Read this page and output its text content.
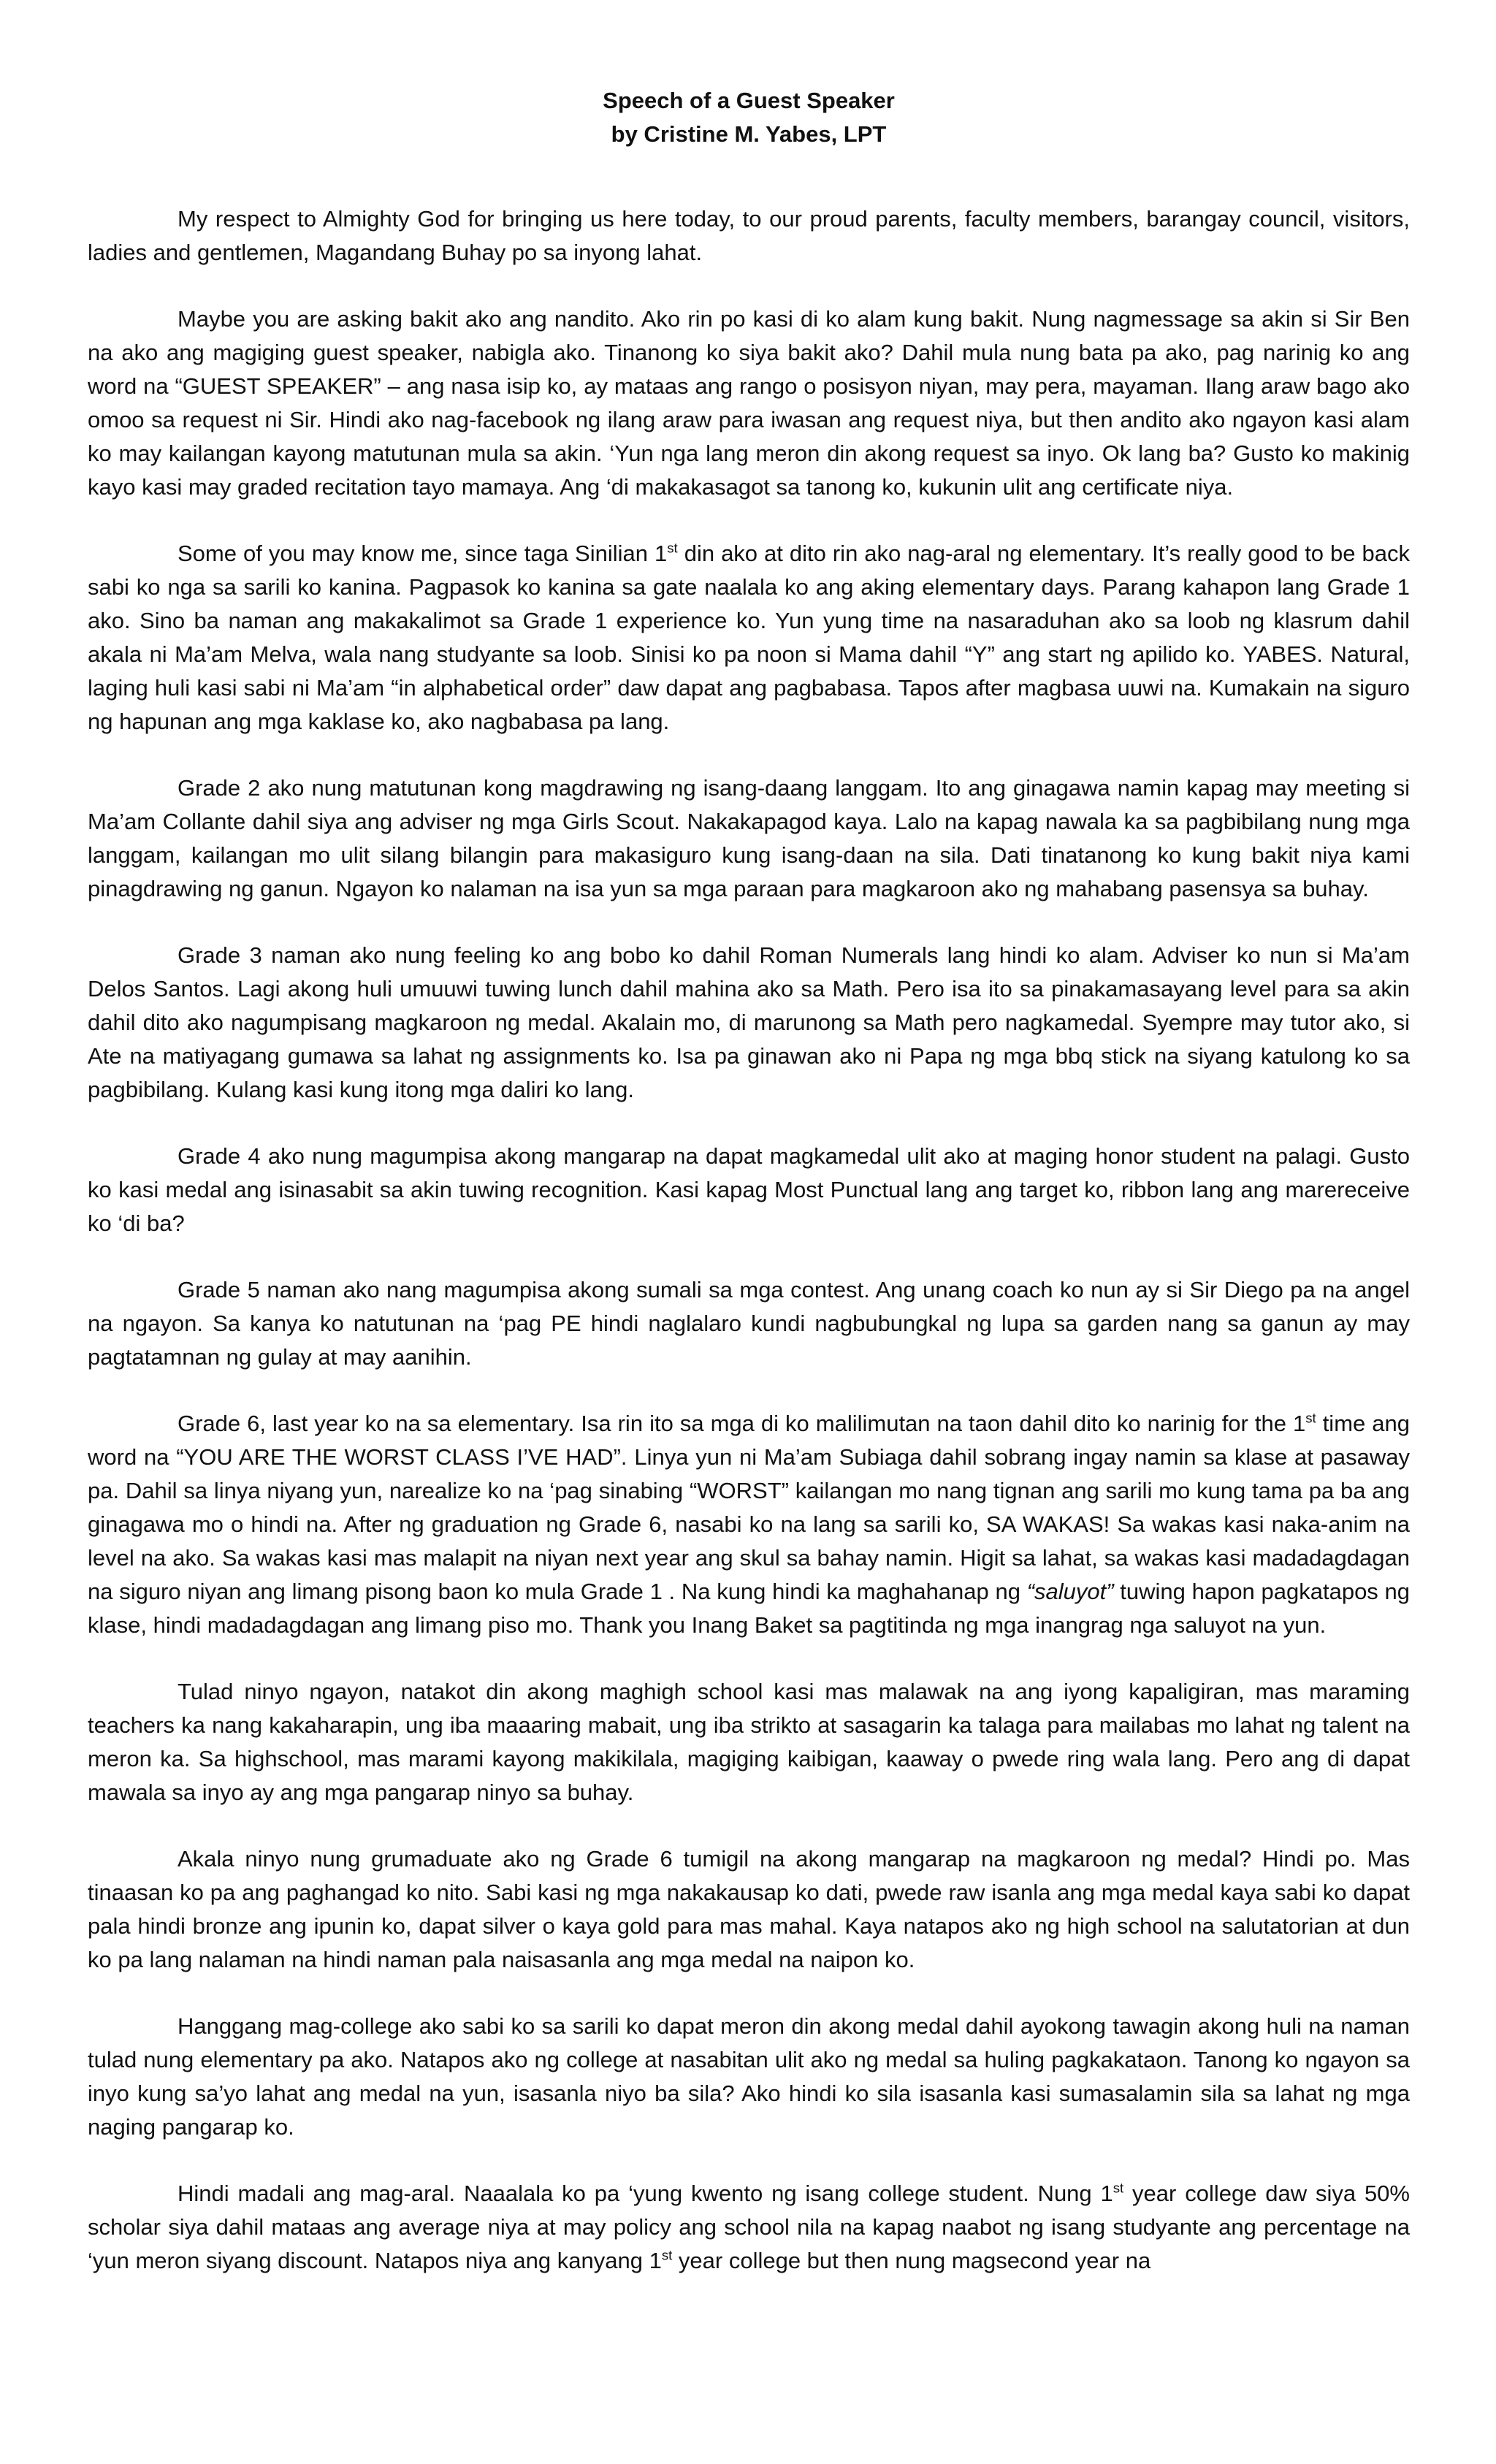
Speech of a Guest Speaker
by Cristine M. Yabes, LPT

My respect to Almighty God for bringing us here today, to our proud parents, faculty members, barangay council, visitors, ladies and gentlemen, Magandang Buhay po sa inyong lahat.

Maybe you are asking bakit ako ang nandito. Ako rin po kasi di ko alam kung bakit. Nung nagmessage sa akin si Sir Ben na ako ang magiging guest speaker, nabigla ako. Tinanong ko siya bakit ako? Dahil mula nung bata pa ako, pag narinig ko ang word na “GUEST SPEAKER” – ang nasa isip ko, ay mataas ang rango o posisyon niyan, may pera, mayaman. Ilang araw bago ako omoo sa request ni Sir. Hindi ako nag-facebook ng ilang araw para iwasan ang request niya, but then andito ako ngayon kasi alam ko may kailangan kayong matutunan mula sa akin. ‘Yun nga lang meron din akong request sa inyo. Ok lang ba? Gusto ko makinig kayo kasi may graded recitation tayo mamaya. Ang ‘di makakasagot sa tanong ko, kukunin ulit ang certificate niya.

Some of you may know me, since taga Sinilian 1st din ako at dito rin ako nag-aral ng elementary. It’s really good to be back sabi ko nga sa sarili ko kanina. Pagpasok ko kanina sa gate naalala ko ang aking elementary days. Parang kahapon lang Grade 1 ako. Sino ba naman ang makakalimot sa Grade 1 experience ko. Yun yung time na nasaraduhan ako sa loob ng klasrum dahil akala ni Ma’am Melva, wala nang studyante sa loob. Sinisi ko pa noon si Mama dahil “Y” ang start ng apilido ko. YABES. Natural, laging huli kasi sabi ni Ma’am “in alphabetical order” daw dapat ang pagbabasa. Tapos after magbasa uuwi na. Kumakain na siguro ng hapunan ang mga kaklase ko, ako nagbabasa pa lang.

Grade 2 ako nung matutunan kong magdrawing ng isang-daang langgam. Ito ang ginagawa namin kapag may meeting si Ma’am Collante dahil siya ang adviser ng mga Girls Scout. Nakakapagod kaya. Lalo na kapag nawala ka sa pagbibilang nung mga langgam, kailangan mo ulit silang bilangin para makasiguro kung isang-daan na sila. Dati tinatanong ko kung bakit niya kami pinagdrawing ng ganun. Ngayon ko nalaman na isa yun sa mga paraan para magkaroon ako ng mahabang pasensya sa buhay.

Grade 3 naman ako nung feeling ko ang bobo ko dahil Roman Numerals lang hindi ko alam. Adviser ko nun si Ma’am Delos Santos. Lagi akong huli umuuwi tuwing lunch dahil mahina ako sa Math. Pero isa ito sa pinakamasayang level para sa akin dahil dito ako nagumpisang magkaroon ng medal. Akalain mo, di marunong sa Math pero nagkamedal. Syempre may tutor ako, si Ate na matiyagang gumawa sa lahat ng assignments ko. Isa pa ginawan ako ni Papa ng mga bbq stick na siyang katulong ko sa pagbibilang. Kulang kasi kung itong mga daliri ko lang.

Grade 4 ako nung magumpisa akong mangarap na dapat magkamedal ulit ako at maging honor student na palagi. Gusto ko kasi medal ang isinasabit sa akin tuwing recognition. Kasi kapag Most Punctual lang ang target ko, ribbon lang ang marereceive ko ‘di ba?

Grade 5 naman ako nang magumpisa akong sumali sa mga contest. Ang unang coach ko nun ay si Sir Diego pa na angel na ngayon. Sa kanya ko natutunan na ‘pag PE hindi naglalaro kundi nagbubungkal ng lupa sa garden nang sa ganun ay may pagtatamnan ng gulay at may aanihin.

Grade 6, last year ko na sa elementary. Isa rin ito sa mga di ko malilimutan na taon dahil dito ko narinig for the 1st time ang word na “YOU ARE THE WORST CLASS I’VE HAD”. Linya yun ni Ma’am Subiaga dahil sobrang ingay namin sa klase at pasaway pa. Dahil sa linya niyang yun, narealize ko na ‘pag sinabing “WORST” kailangan mo nang tignan ang sarili mo kung tama pa ba ang ginagawa mo o hindi na. After ng graduation ng Grade 6, nasabi ko na lang sa sarili ko, SA WAKAS! Sa wakas kasi naka-anim na level na ako. Sa wakas kasi mas malapit na niyan next year ang skul sa bahay namin. Higit sa lahat, sa wakas kasi madadagdagan na siguro niyan ang limang pisong baon ko mula Grade 1 . Na kung hindi ka maghahanap ng “saluyot” tuwing hapon pagkatapos ng klase, hindi madadagdagan ang limang piso mo. Thank you Inang Baket sa pagtitinda ng mga inangrag nga saluyot na yun.

Tulad ninyo ngayon, natakot din akong maghigh school kasi mas malawak na ang iyong kapaligiran, mas maraming teachers ka nang kakaharapin, ung iba maaaring mabait, ung iba strikto at sasagarin ka talaga para mailabas mo lahat ng talent na meron ka. Sa highschool, mas marami kayong makikilala, magiging kaibigan, kaaway o pwede ring wala lang. Pero ang di dapat mawala sa inyo ay ang mga pangarap ninyo sa buhay.

Akala ninyo nung grumaduate ako ng Grade 6 tumigil na akong mangarap na magkaroon ng medal? Hindi po. Mas tinaasan ko pa ang paghangad ko nito. Sabi kasi ng mga nakakausap ko dati, pwede raw isanla ang mga medal kaya sabi ko dapat pala hindi bronze ang ipunin ko, dapat silver o kaya gold para mas mahal. Kaya natapos ako ng high school na salutatorian at dun ko pa lang nalaman na hindi naman pala naisasanla ang mga medal na naipon ko.

Hanggang mag-college ako sabi ko sa sarili ko dapat meron din akong medal dahil ayokong tawagin akong huli na naman tulad nung elementary pa ako. Natapos ako ng college at nasabitan ulit ako ng medal sa huling pagkakataon. Tanong ko ngayon sa inyo kung sa’yo lahat ang medal na yun, isasanla niyo ba sila? Ako hindi ko sila isasanla kasi sumasalamin sila sa lahat ng mga naging pangarap ko.

Hindi madali ang mag-aral. Naaalala ko pa ‘yung kwento ng isang college student. Nung 1st year college daw siya 50% scholar siya dahil mataas ang average niya at may policy ang school nila na kapag naabot ng isang studyante ang percentage na ‘yun meron siyang discount. Natapos niya ang kanyang 1st year college but then nung magsecond year na
